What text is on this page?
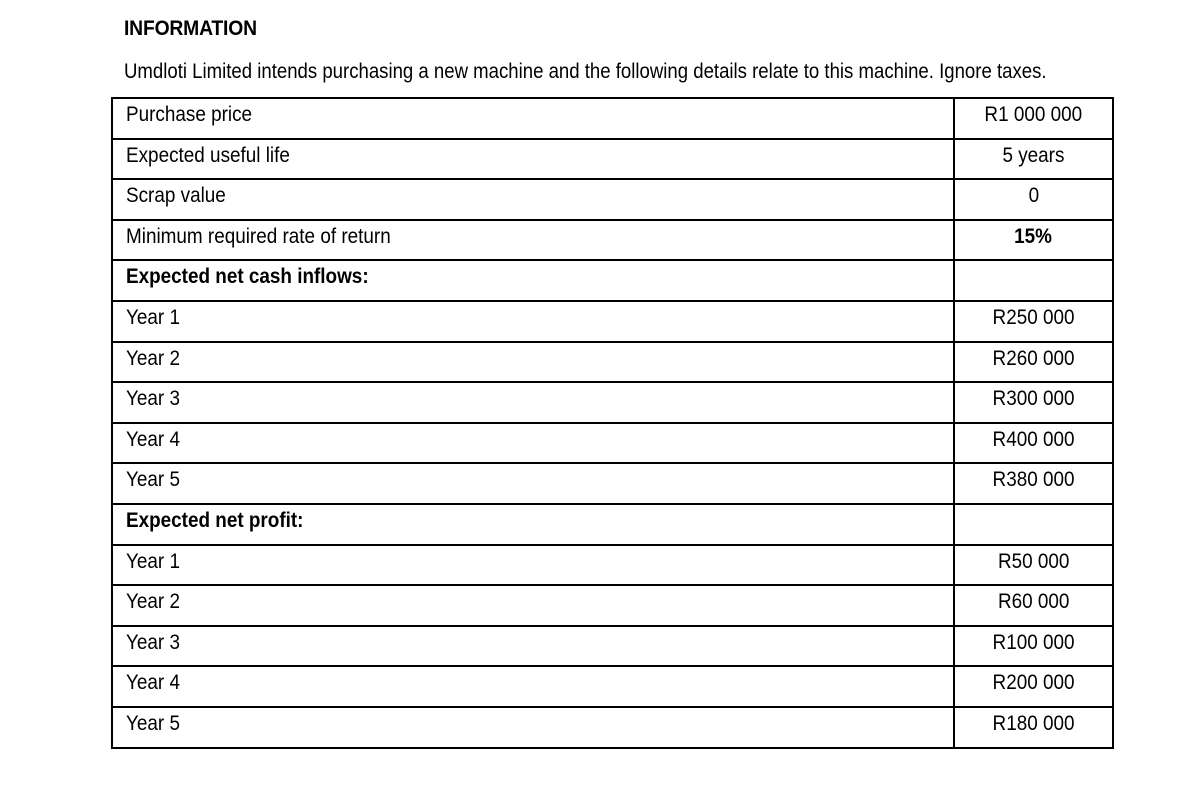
INFORMATION
Umdloti Limited intends purchasing a new machine and the following details relate to this machine. Ignore taxes.
Purchase price	R1 000 000
Expected useful life	5 years
Scrap value	0
Minimum required rate of return	15%
Expected net cash inflows:	
Year 1	R250 000
Year 2	R260 000
Year 3	R300 000
Year 4	R400 000
Year 5	R380 000
Expected net profit:	
Year 1	R50 000
Year 2	R60 000
Year 3	R100 000
Year 4	R200 000
Year 5	R180 000
